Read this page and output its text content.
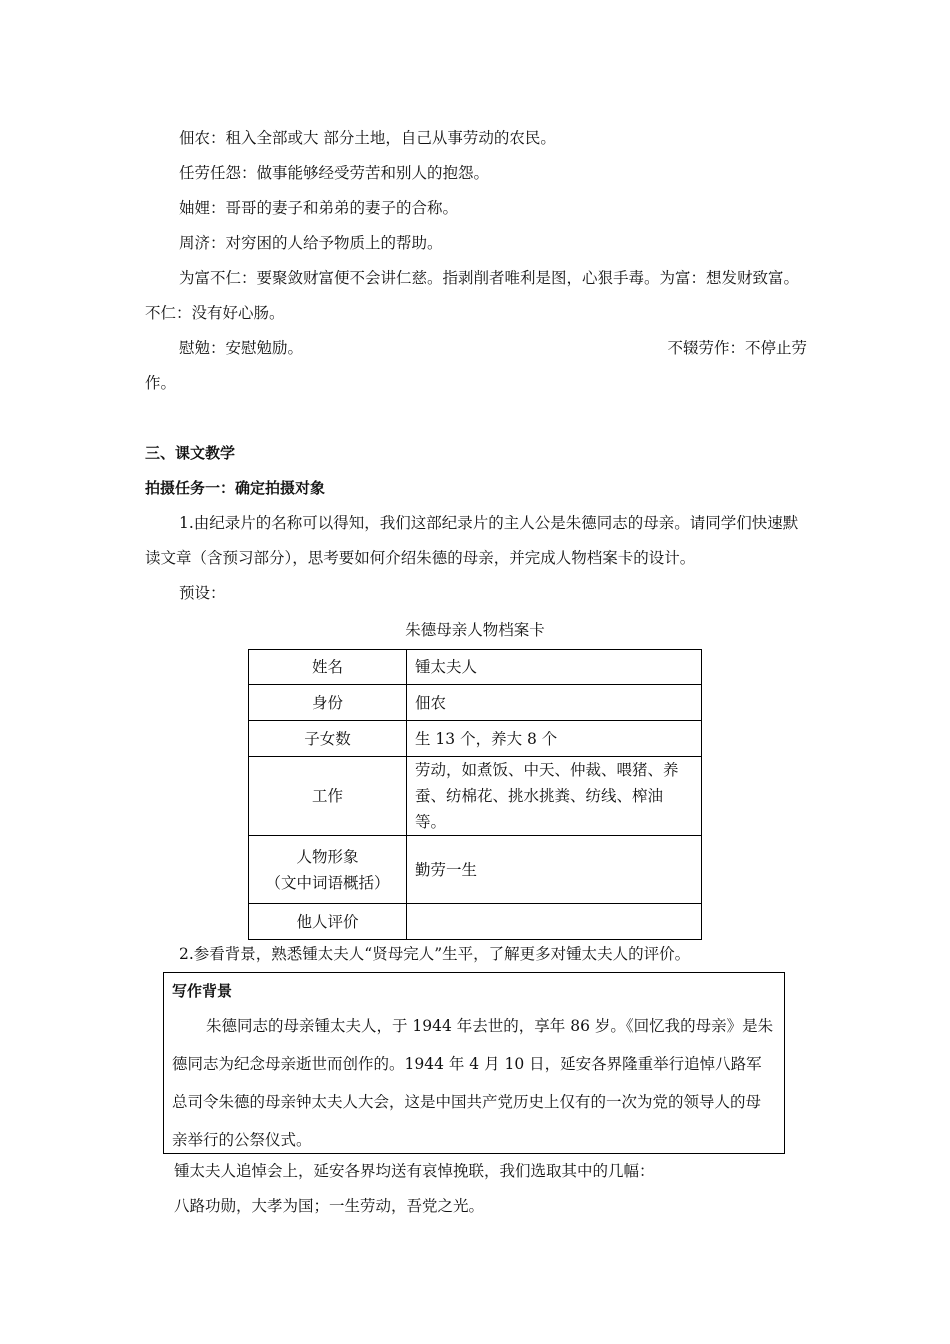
佃农：租入全部或大 部分土地，自己从事劳动的农民。

任劳任怨：做事能够经受劳苦和别人的抱怨。

妯娌：哥哥的妻子和弟弟的妻子的合称。

周济：对穷困的人给予物质上的帮助。

为富不仁：要聚敛财富便不会讲仁慈。指剥削者唯利是图，心狠手毒。为富：想发财致富。不仁：没有好心肠。

慰勉：安慰勉励。	不辍劳作：不停止劳

作。

三、课文教学

拍摄任务一：确定拍摄对象

1.由纪录片的名称可以得知，我们这部纪录片的主人公是朱德同志的母亲。请同学们快速默读文章（含预习部分），思考要如何介绍朱德的母亲，并完成人物档案卡的设计。

预设：

朱德母亲人物档案卡
姓名	锺太夫人
身份	佃农
子女数	生 13 个，养大 8 个
工作	劳动，如煮饭、中天、仲裁、喂猪、养蚕、纺棉花、挑水挑粪、纺线、榨油等。

人物形象
（文中词语概括）	勤劳一生
他人评价	

2.参看背景，熟悉锺太夫人“贤母完人”生平，了解更多对锺太夫人的评价。

写作背景

朱德同志的母亲锺太夫人，于 1944 年去世的，享年 86 岁。《回忆我的母亲》是朱德同志为纪念母亲逝世而创作的。1944 年 4 月 10 日，延安各界隆重举行追悼八路军总司令朱德的母亲钟太夫人大会，这是中国共产党历史上仅有的一次为党的领导人的母亲举行的公祭仪式。

锺太夫人追悼会上，延安各界均送有哀悼挽联，我们选取其中的几幅：

八路功勋，大孝为国；一生劳动，吾党之光。
